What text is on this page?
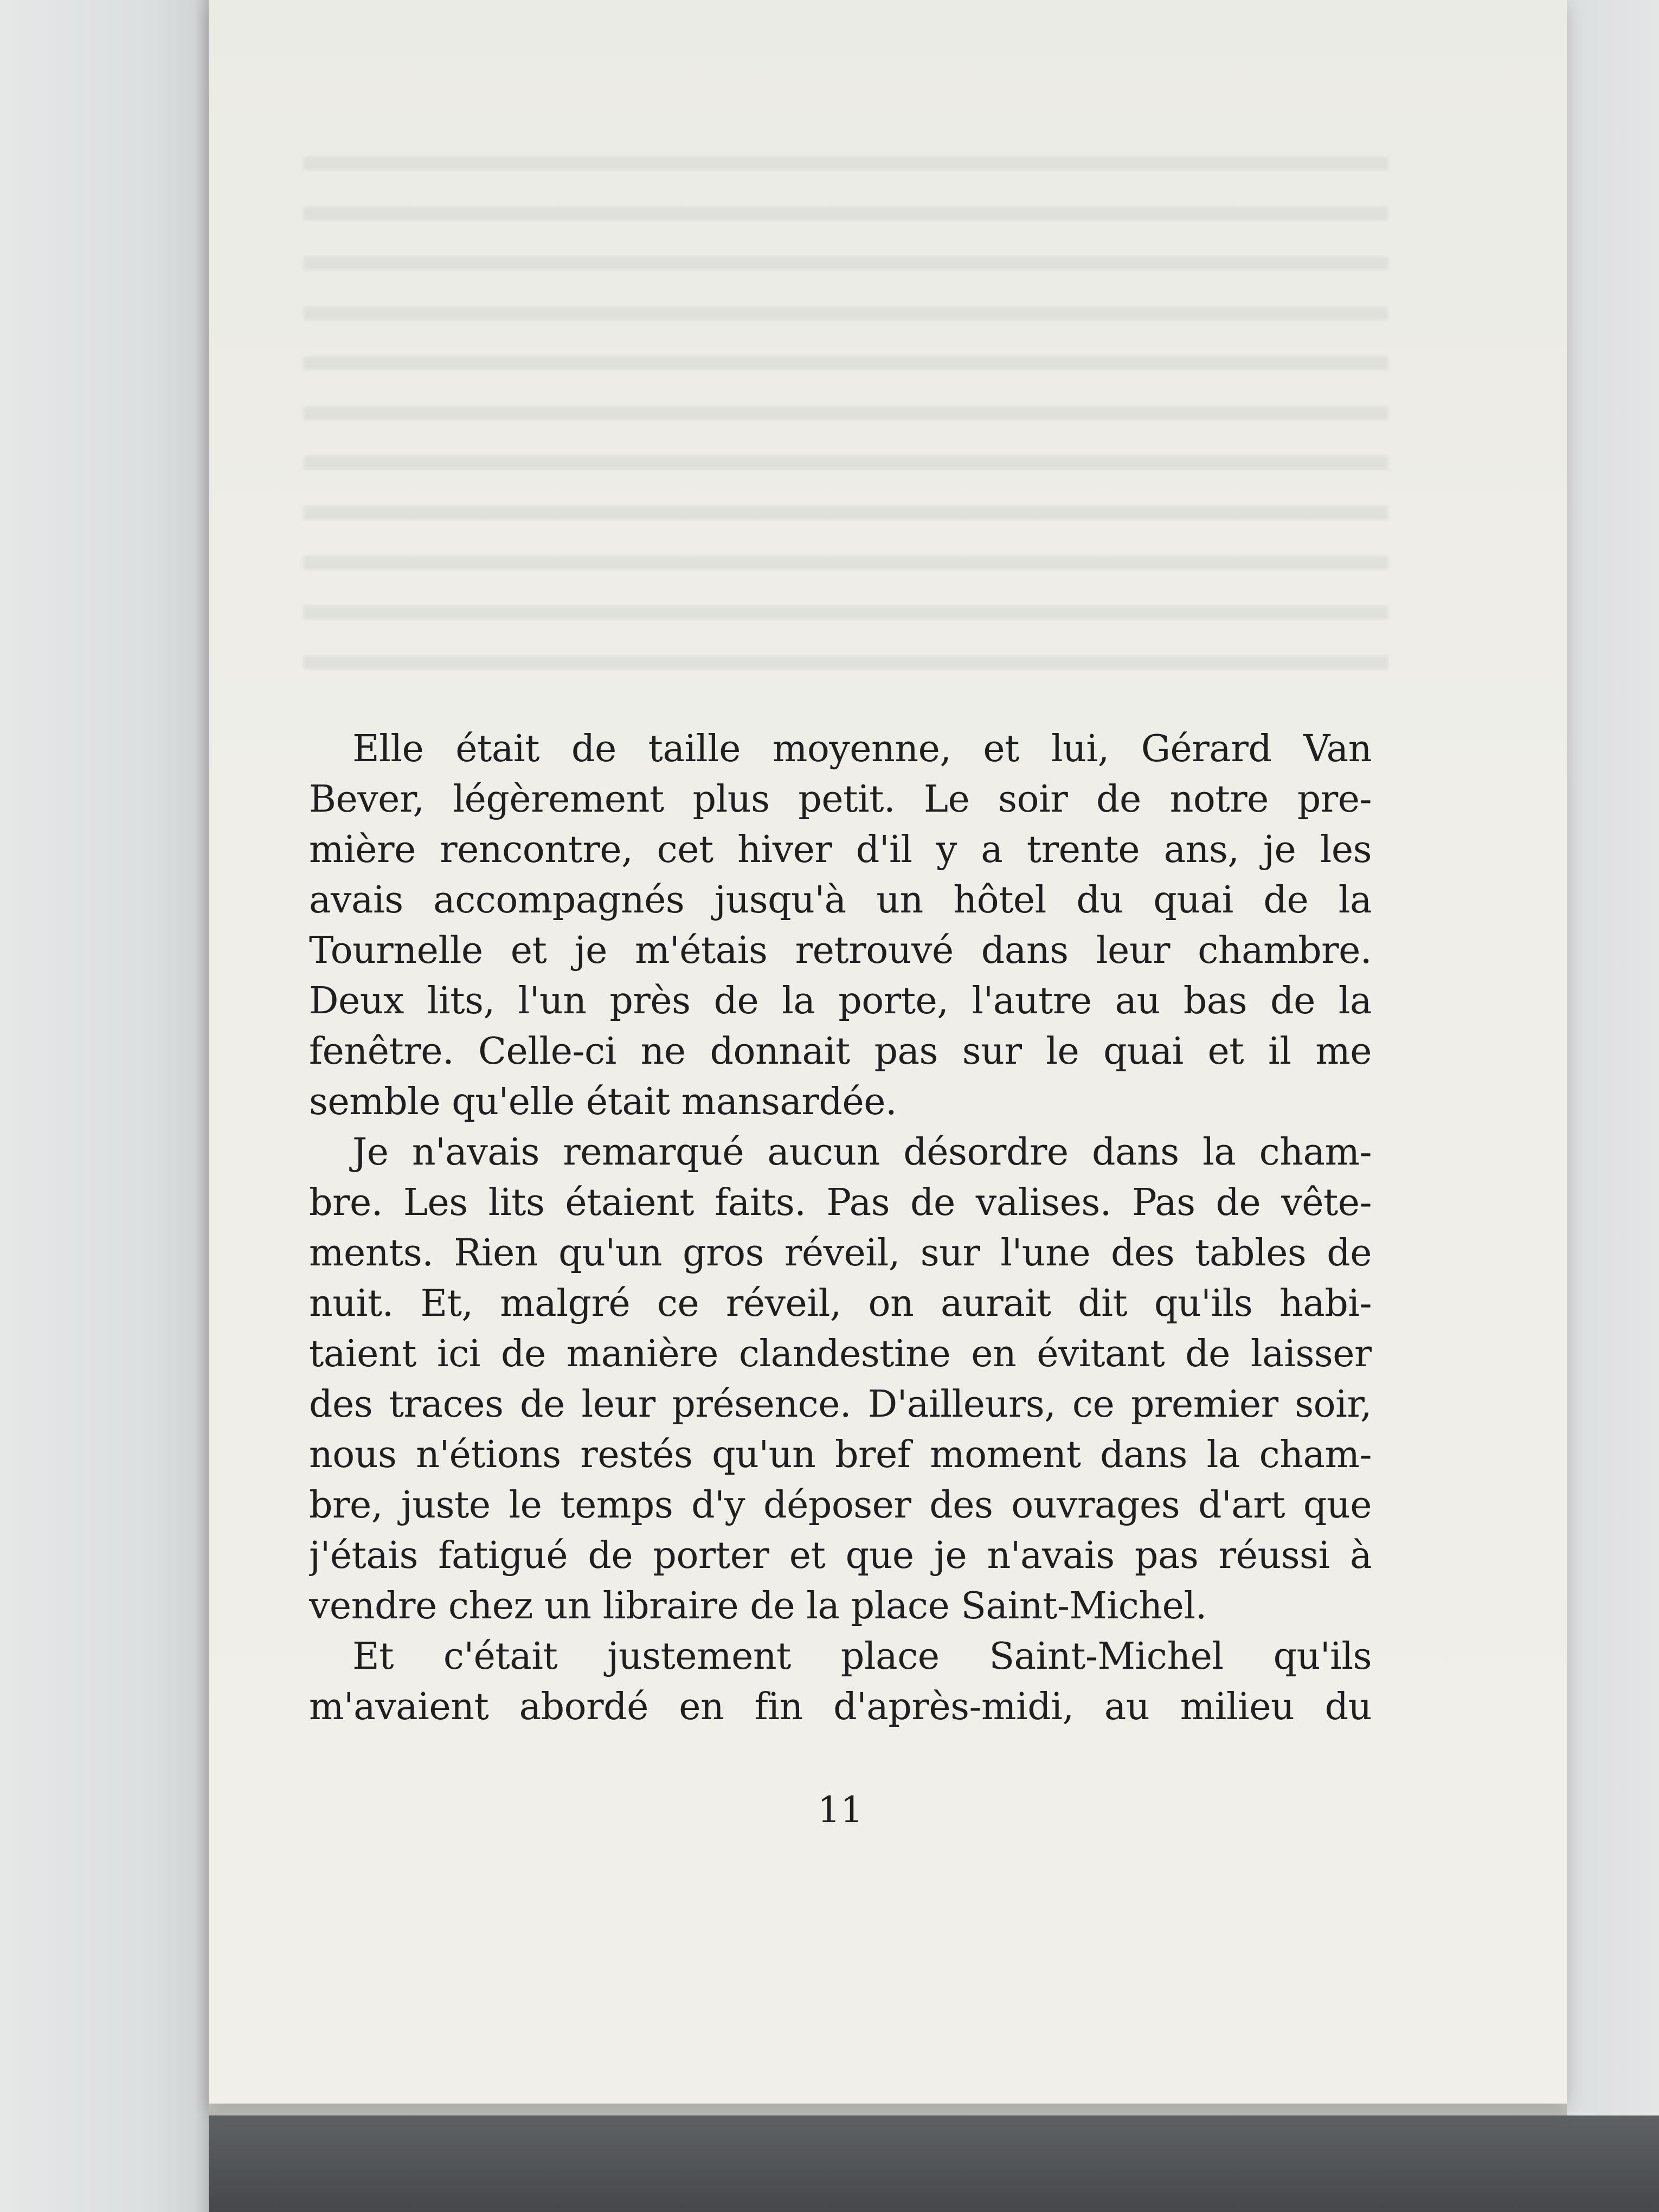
Elle était de taille moyenne, et lui, Gérard Van
Bever, légèrement plus petit. Le soir de notre pre-
mière rencontre, cet hiver d'il y a trente ans, je les
avais accompagnés jusqu'à un hôtel du quai de la
Tournelle et je m'étais retrouvé dans leur chambre.
Deux lits, l'un près de la porte, l'autre au bas de la
fenêtre. Celle-ci ne donnait pas sur le quai et il me
semble qu'elle était mansardée.
Je n'avais remarqué aucun désordre dans la cham-
bre. Les lits étaient faits. Pas de valises. Pas de vête-
ments. Rien qu'un gros réveil, sur l'une des tables de
nuit. Et, malgré ce réveil, on aurait dit qu'ils habi-
taient ici de manière clandestine en évitant de laisser
des traces de leur présence. D'ailleurs, ce premier soir,
nous n'étions restés qu'un bref moment dans la cham-
bre, juste le temps d'y déposer des ouvrages d'art que
j'étais fatigué de porter et que je n'avais pas réussi à
vendre chez un libraire de la place Saint-Michel.
Et c'était justement place Saint-Michel qu'ils
m'avaient abordé en fin d'après-midi, au milieu du
11
